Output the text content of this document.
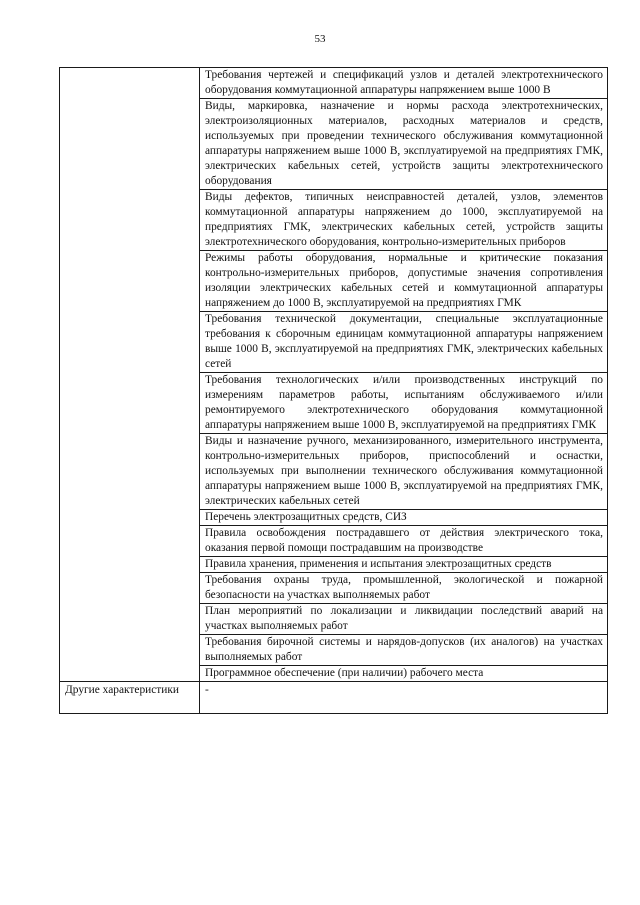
53
	Требования чертежей и спецификаций узлов и деталей электротехнического оборудования коммутационной аппаратуры напряжением выше 1000 В
	Виды, маркировка, назначение и нормы расхода электротехнических, электроизоляционных материалов, расходных материалов и средств, используемых при проведении технического обслуживания коммутационной аппаратуры напряжением выше 1000 В, эксплуатируемой на предприятиях ГМК, электрических кабельных сетей, устройств защиты электротехнического оборудования
	Виды дефектов, типичных неисправностей деталей, узлов, элементов коммутационной аппаратуры напряжением до 1000, эксплуатируемой на предприятиях ГМК, электрических кабельных сетей, устройств защиты электротехнического оборудования, контрольно-измерительных приборов
	Режимы работы оборудования, нормальные и критические показания контрольно-измерительных приборов, допустимые значения сопротивления изоляции электрических кабельных сетей и коммутационной аппаратуры напряжением до 1000 В, эксплуатируемой на предприятиях ГМК
	Требования технической документации, специальные эксплуатационные требования к сборочным единицам коммутационной аппаратуры напряжением выше 1000 В, эксплуатируемой на предприятиях ГМК, электрических кабельных сетей
	Требования технологических и/или производственных инструкций по измерениям параметров работы, испытаниям обслуживаемого и/или ремонтируемого электротехнического оборудования коммутационной аппаратуры напряжением выше 1000 В, эксплуатируемой на предприятиях ГМК
	Виды и назначение ручного, механизированного, измерительного инструмента, контрольно-измерительных приборов, приспособлений и оснастки, используемых при выполнении технического обслуживания коммутационной аппаратуры напряжением выше 1000 В, эксплуатируемой на предприятиях ГМК, электрических кабельных сетей
	Перечень электрозащитных средств, СИЗ
	Правила освобождения пострадавшего от действия электрического тока, оказания первой помощи пострадавшим на производстве
	Правила хранения, применения и испытания электрозащитных средств
	Требования охраны труда, промышленной, экологической и пожарной безопасности на участках выполняемых работ
	План мероприятий по локализации и ликвидации последствий аварий на участках выполняемых работ
	Требования бирочной системы и нарядов-допусков (их аналогов) на участках выполняемых работ
	Программное обеспечение (при наличии) рабочего места
Другие характеристики	-
